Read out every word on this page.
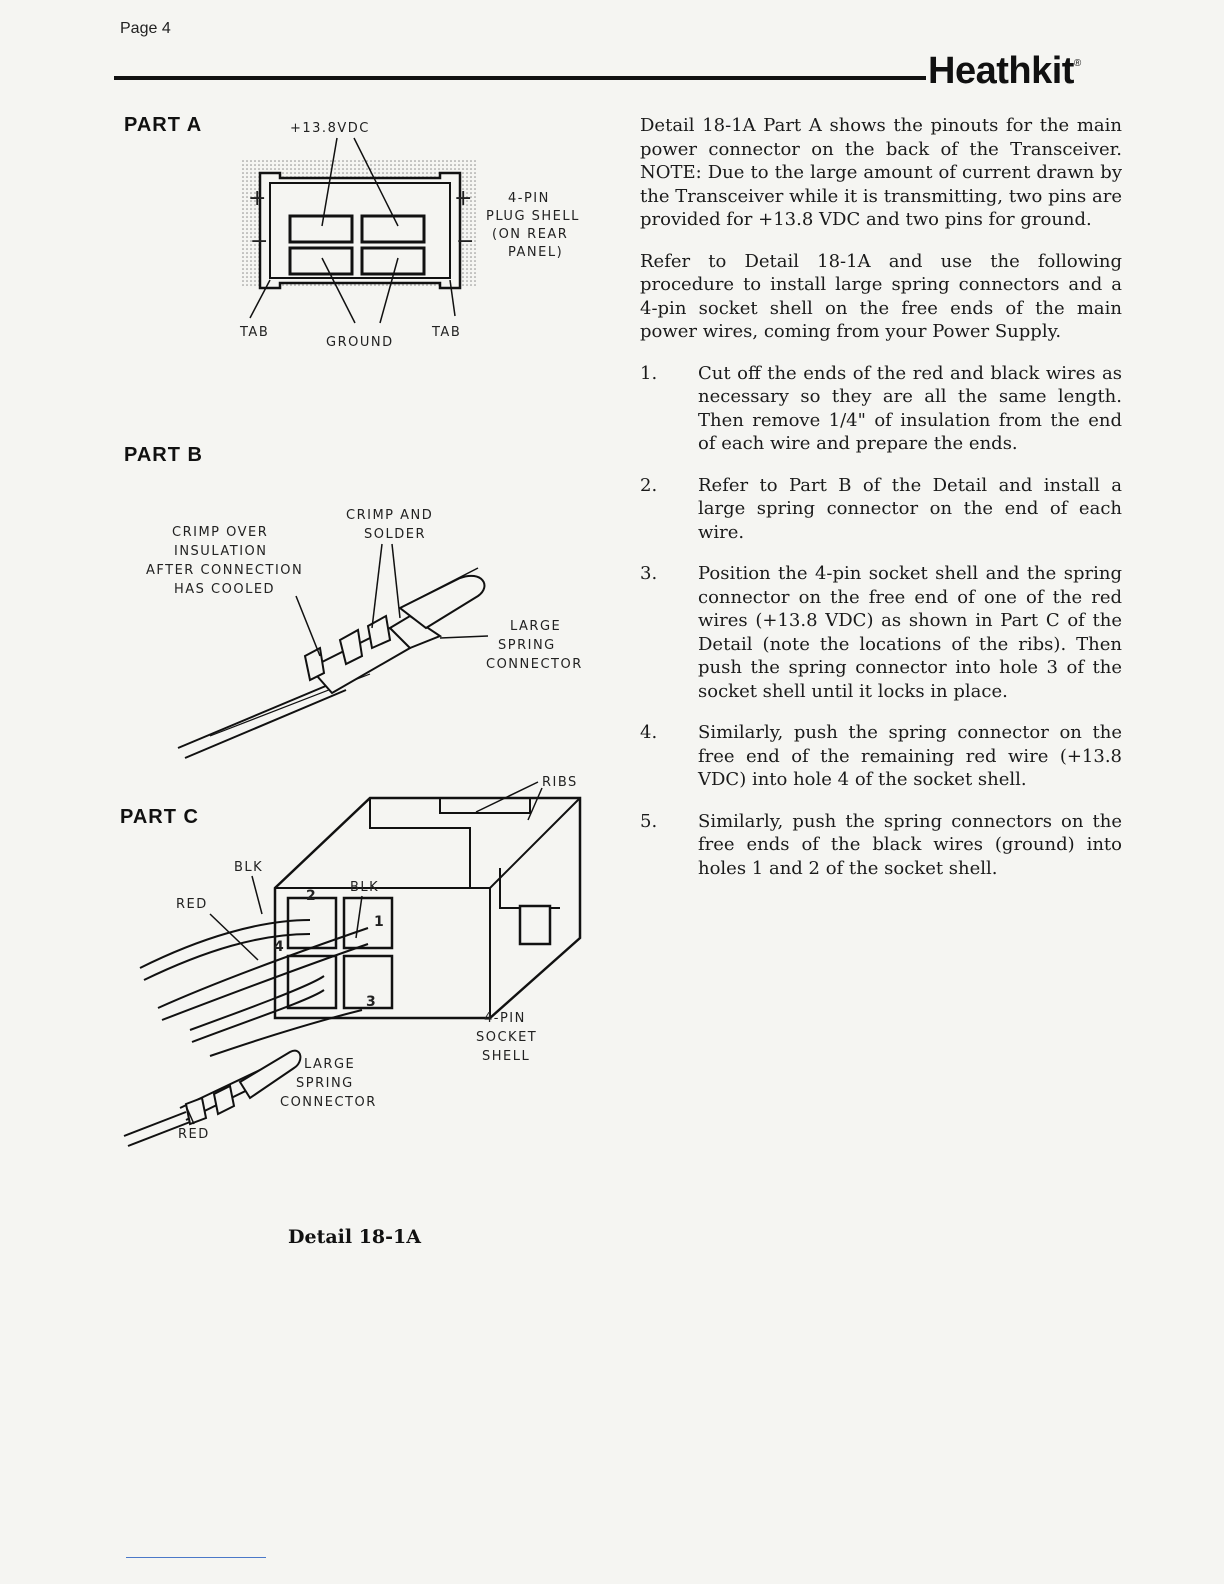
Page 4
Heathkit®
PART A
PART B
PART C
+13.8VDC
+	+
−	−
TAB
GROUND
TAB
4-PIN
PLUG SHELL
(ON REAR
PANEL)
CRIMP OVER
INSULATION
AFTER CONNECTION
HAS COOLED
CRIMP AND
SOLDER
LARGE
SPRING
CONNECTOR
RIBS
2
1
4
3
BLK
BLK
RED
4-PIN
SOCKET
SHELL
LARGE
SPRING
CONNECTOR
RED
Detail 18-1A

Detail 18-1A Part A shows the pinouts for the main power connector on the back of the Transceiver. NOTE: Due to the large amount of current drawn by the Transceiver while it is transmitting, two pins are provided for +13.8 VDC and two pins for ground.

Refer to Detail 18-1A and use the following procedure to install large spring connectors and a 4-pin socket shell on the free ends of the main power wires, coming from your Power Supply.

1.	Cut off the ends of the red and black wires as necessary so they are all the same length. Then remove 1/4" of insulation from the end of each wire and prepare the ends.
2.	Refer to Part B of the Detail and install a large spring connector on the end of each wire.
3.	Position the 4-pin socket shell and the spring connector on the free end of one of the red wires (+13.8 VDC) as shown in Part C of the Detail (note the locations of the ribs). Then push the spring connector into hole 3 of the socket shell until it locks in place.
4.	Similarly, push the spring connector on the free end of the remaining red wire (+13.8 VDC) into hole 4 of the socket shell.
5.	Similarly, push the spring connectors on the free ends of the black wires (ground) into holes 1 and 2 of the socket shell.
